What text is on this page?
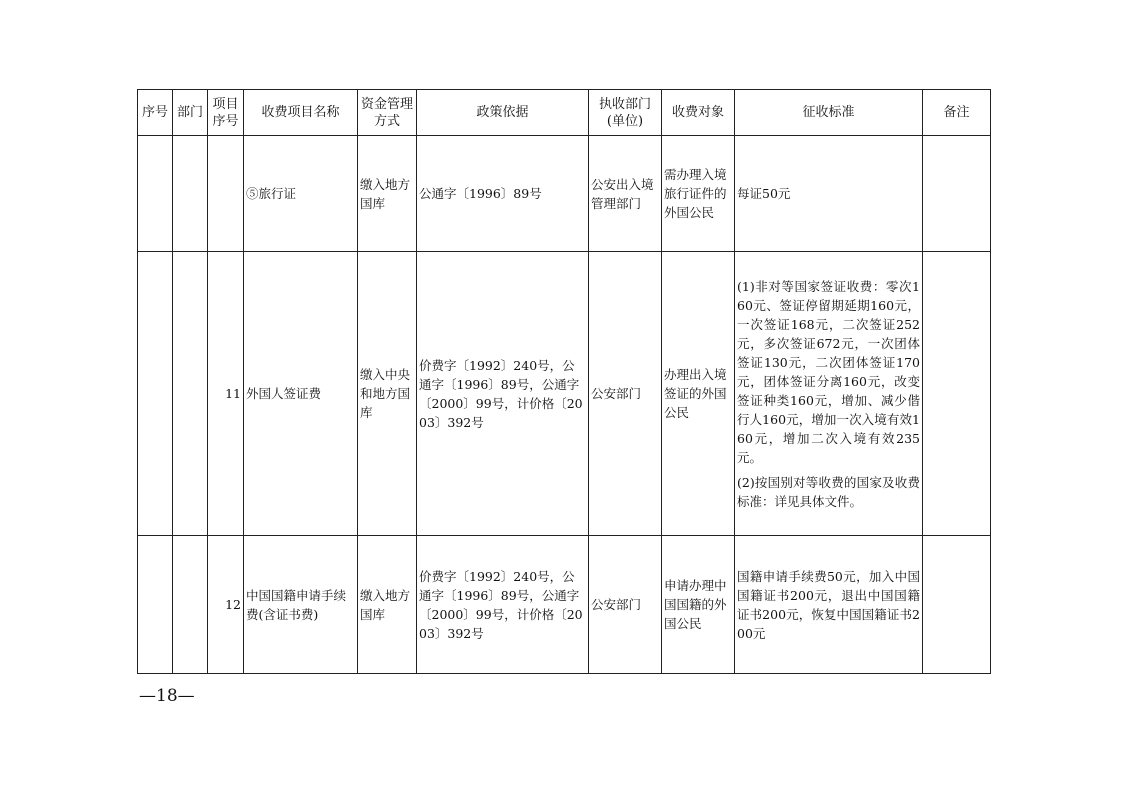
序号	部门	项目序号	收费项目名称	资金管理方式	政策依据	执收部门(单位)	收费对象	征收标准	备注
			⑤旅行证	缴入地方国库	公通字〔1996〕89号	公安出入境管理部门	需办理入境旅行证件的外国公民	每证50元	

		11	外国人签证费	缴入中央和地方国库	价费字〔1992〕240号，公通字〔1996〕89号，公通字〔2000〕99号，计价格〔2003〕392号	公安部门	办理出入境签证的外国公民	(1)非对等国家签证收费：零次160元、签证停留期延期160元， 一次签证168元，二次签证252元，多次签证672元，一次团体签证130元，二次团体签证170元，团体签证分离160元，改变签证种类160元，增加、减少偕行人160元，增加一次入境有效160元，增加二次入境有效235元。
(2)按国别对等收费的国家及收费标准：详见具体文件。	

		12	中国国籍申请手续费(含证书费)	缴入地方国库	价费字〔1992〕240号，公通字〔1996〕89号，公通字〔2000〕99号，计价格〔2003〕392号	公安部门	申请办理中国国籍的外国公民	国籍申请手续费50元，加入中国国籍证书200元，退出中国国籍证书200元，恢复中国国籍证书200元	

—18—
